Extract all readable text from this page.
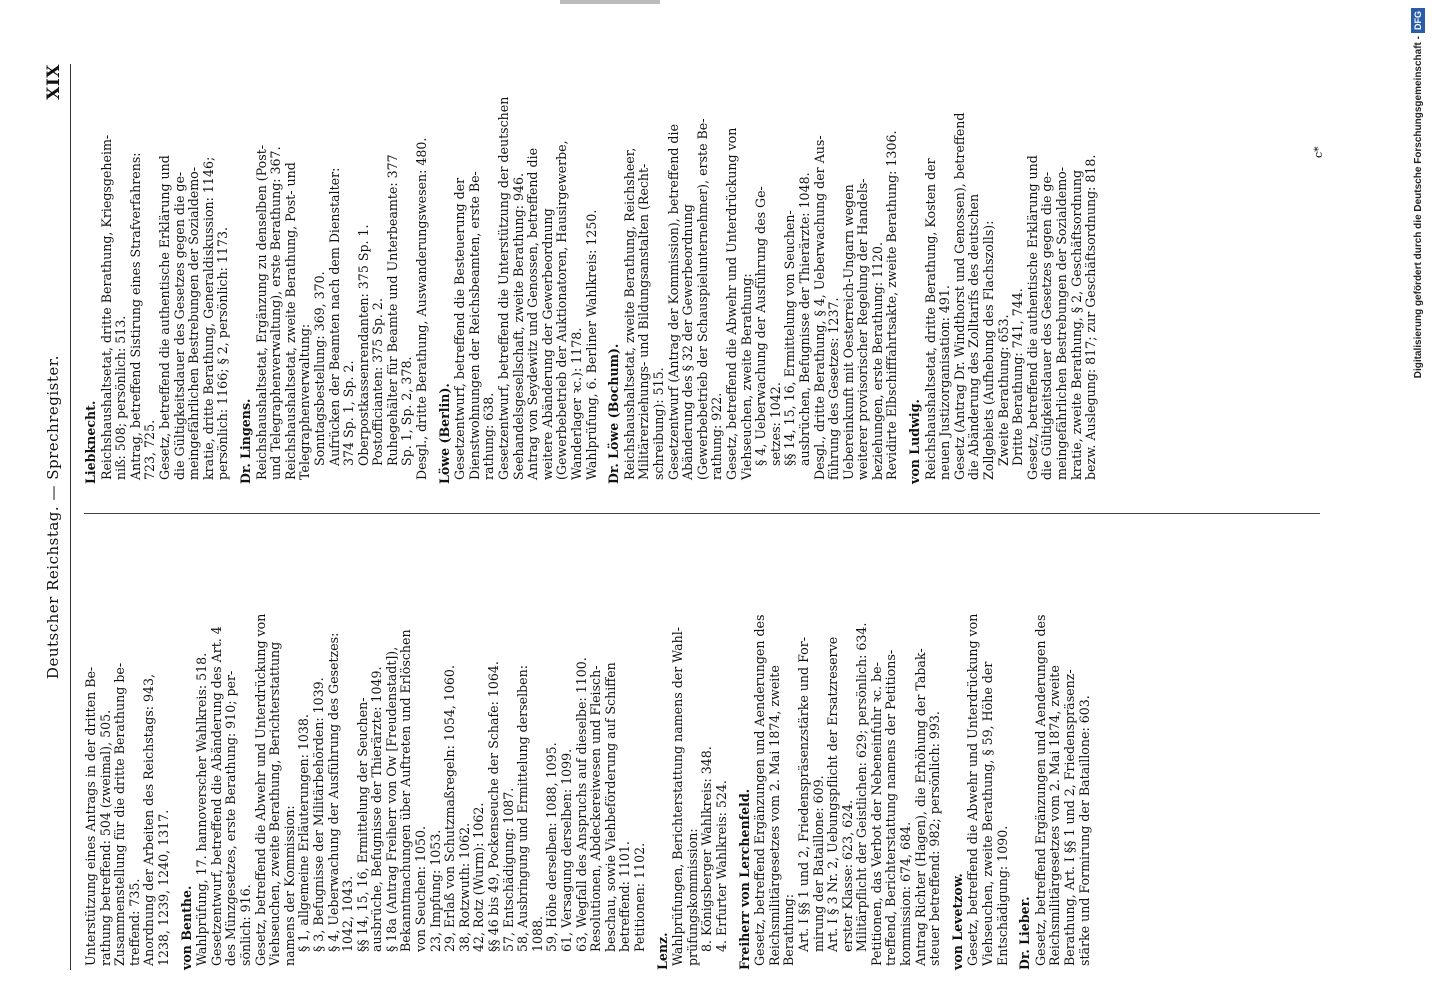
Deutscher Reichstag. — Sprechregister.
XIX
Unterstützung eines Antrags in der dritten Be- rathung betreffend: 504 (zweimal), 505. Zusammenstellung für die dritte Berathung be- treffend: 735. Anordnung der Arbeiten des Reichstags: 943, 1238, 1239, 1240, 1317. von Benthe. Wahlprüfung, 17. hannoverscher Wahlkreis: 518. Gesetzentwurf, betreffend die Abänderung des Art. 4 des Münzgesetzes, erste Berathung: 910; per- sönlich: 916. Gesetz, betreffend die Abwehr und Unterdrückung von Viehseuchen, zweite Berathung, Berichterstattung namens der Kommission: § 1, allgemeine Erläuterungen: 1038. § 3, Befugnisse der Militärbehörden: 1039. § 4, Ueberwachung der Ausführung des Gesetzes: 1042, 1043. §§ 14, 15, 16, Ermittelung der Seuchen- ausbrüche, Befugnisse der Thierärzte: 1049. § 18a (Antrag Freiherr von Ow [Freudenstadt]), Bekanntmachungen über Auftreten und Erlöschen von Seuchen: 1050. 23, Impfung: 1053. 29, Erlaß von Schutzmaßregeln: 1054, 1060. 38, Rotzwuth: 1062. 42, Rotz (Wurm): 1062. §§ 46 bis 49, Pockenseuche der Schafe: 1064. 57, Entschädigung: 1087. 58, Ausbringung und Ermittelung derselben: 1088. 59, Höhe derselben: 1088, 1095. 61, Versagung derselben: 1099. 63, Wegfall des Anspruchs auf dieselbe: 1100. Resolutionen, Abdeckereiwesen und Fleisch- beschau, sowie Viehbeförderung auf Schiffen betreffend: 1101. Petitionen: 1102. Lenz. Wahlprüfungen, Berichterstattung namens der Wahl- prüfungskommission: 8. Königsberger Wahlkreis: 348. 4. Erfurter Wahlkreis: 524. Freiherr von Lerchenfeld. Gesetz, betreffend Ergänzungen und Aenderungen des Reichsmilitärgesetzes vom 2. Mai 1874, zweite Berathung: Art. I §§ 1 und 2, Friedenspräsenzstärke und For- mirung der Bataillone: 609. Art. I § 3 Nr. 2, Uebungspflicht der Ersatzreserve erster Klasse: 623, 624. Militärpflicht der Geistlichen: 629; persönlich: 634. Petitionen, das Verbot der Nebeneinfuhr ꝛc. be- treffend, Berichterstattung namens der Petitions- kommission: 674, 684. Antrag Richter (Hagen), die Erhöhung der Tabak- steuer betreffend: 982; persönlich: 993. von Levetzow. Gesetz, betreffend die Abwehr und Unterdrückung von Viehseuchen, zweite Berathung, § 59, Höhe der Entschädigung: 1090. Dr. Lieber. Gesetz, betreffend Ergänzungen und Aenderungen des Reichsmilitärgesetzes vom 2. Mai 1874, zweite Berathung, Art. I §§ 1 und 2, Friedenspräsenz- stärke und Formirung der Bataillone: 603.
Liebknecht. Reichshaushaltsetat, dritte Berathung, Kriegsgeheim- niß: 508; persönlich: 513. Antrag, betreffend Sistirung eines Strafverfahrens: 723, 725. Gesetz, betreffend die authentische Erklärung und die Gültigkeitsdauer des Gesetzes gegen die ge- meingefährlichen Bestrebungen der Sozialdemo- kratie, dritte Berathung, Generaldiskussion: 1146; persönlich: 1166; § 2, persönlich: 1173. Dr. Lingens. Reichshaushaltsetat, Ergänzung zu denselben (Post- und Telegraphenverwaltung), erste Berathung: 367. Reichshaushaltsetat, zweite Berathung, Post- und Telegraphenverwaltung: Sonntagsbestellung: 369, 370. Aufrücken der Beamten nach dem Dienstalter: 374 Sp. 1, Sp. 2. Oberpostkassenrendanten: 375 Sp. 1. Postofficianten: 375 Sp. 2. Ruhegehälter für Beamte und Unterbeamte: 377 Sp. 1, Sp. 2, 378. Desgl., dritte Berathung, Auswanderungswesen: 480. Löwe (Berlin). Gesetzentwurf, betreffend die Besteuerung der Dienstwohnungen der Reichsbeamten, erste Be- rathung: 638. Gesetzentwurf, betreffend die Unterstützung der deutschen Seehandelsgesellschaft, zweite Berathung: 946. Antrag von Seydewitz und Genossen, betreffend die weitere Abänderung der Gewerbeordnung (Gewerbebetrieb der Auktionatoren, Hausirgewerbe, Wanderlager ꝛc.): 1178. Wahlprüfung, 6. Berliner Wahlkreis: 1250. Dr. Löwe (Bochum). Reichshaushaltsetat, zweite Berathung, Reichsheer, Militärerziehungs- und Bildungsanstalten (Recht- schreibung): 515. Gesetzentwurf (Antrag der Kommission), betreffend die Abänderung des § 32 der Gewerbeordnung (Gewerbebetrieb der Schauspielunternehmer), erste Be- rathung: 922. Gesetz, betreffend die Abwehr und Unterdrückung von Viehseuchen, zweite Berathung: § 4, Ueberwachung der Ausführung des Ge- setzes: 1042. §§ 14, 15, 16, Ermittelung von Seuchen- ausbrüchen, Befugnisse der Thierärzte: 1048. Desgl., dritte Berathung, § 4, Ueberwachung der Aus- führung des Gesetzes: 1237. Uebereinkunft mit Oesterreich-Ungarn wegen weiterer provisorischer Regelung der Handels- beziehungen, erste Berathung: 1120. Revidirte Elbschifffahrtsakte, zweite Berathung: 1306. von Ludwig. Reichshaushaltsetat, dritte Berathung, Kosten der neuen Justizorganisation: 491. Gesetz (Antrag Dr. Windthorst und Genossen), betreffend die Abänderung des Zolltarifs des deutschen Zollgebiets (Aufhebung des Flachszolls): Zweite Berathung: 653. Dritte Berathung: 741, 744. Gesetz, betreffend die authentische Erklärung und die Gültigkeitsdauer des Gesetzes gegen die ge- meingefährlichen Bestrebungen der Sozialdemo- kratie, zweite Berathung, § 2, Geschäftsordnung bezw. Auslegung: 817; zur Geschäftsordnung: 818.
c*	Digitalisierung gefördert durch die Deutsche Forschungsgemeinschaft -DFG
